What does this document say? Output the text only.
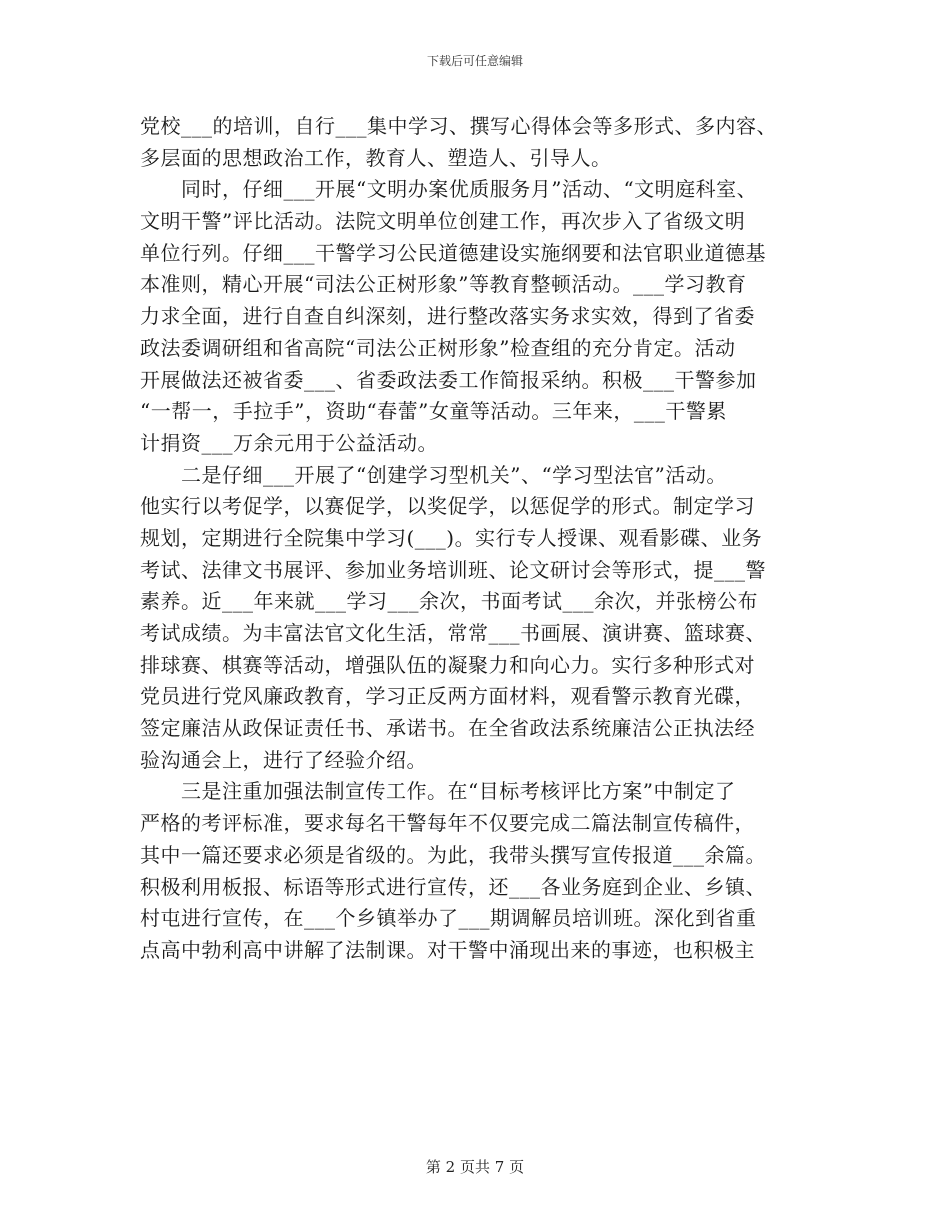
下载后可任意编辑
党校___的培训，自行___集中学习、撰写心得体会等多形式、多内容、
多层面的思想政治工作，教育人、塑造人、引导人。
　　同时，仔细___开展“文明办案优质服务月”活动、“文明庭科室、
文明干警”评比活动。法院文明单位创建工作，再次步入了省级文明
单位行列。仔细___干警学习公民道德建设实施纲要和法官职业道德基
本准则，精心开展“司法公正树形象”等教育整顿活动。___学习教育
力求全面，进行自查自纠深刻，进行整改落实务求实效，得到了省委
政法委调研组和省高院“司法公正树形象”检查组的充分肯定。活动
开展做法还被省委___、省委政法委工作简报采纳。积极___干警参加
“一帮一，手拉手”，资助“春蕾”女童等活动。三年来，___干警累
计捐资___万余元用于公益活动。
　　二是仔细___开展了“创建学习型机关”、“学习型法官”活动。
他实行以考促学，以赛促学，以奖促学，以惩促学的形式。制定学习
规划，定期进行全院集中学习(___)。实行专人授课、观看影碟、业务
考试、法律文书展评、参加业务培训班、论文研讨会等形式，提___警
素养。近___年来就___学习___余次，书面考试___余次，并张榜公布
考试成绩。为丰富法官文化生活，常常___书画展、演讲赛、篮球赛、
排球赛、棋赛等活动，增强队伍的凝聚力和向心力。实行多种形式对
党员进行党风廉政教育，学习正反两方面材料，观看警示教育光碟，
签定廉洁从政保证责任书、承诺书。在全省政法系统廉洁公正执法经
验沟通会上，进行了经验介绍。
　　三是注重加强法制宣传工作。在“目标考核评比方案”中制定了
严格的考评标准，要求每名干警每年不仅要完成二篇法制宣传稿件，
其中一篇还要求必须是省级的。为此，我带头撰写宣传报道___余篇。
积极利用板报、标语等形式进行宣传，还___各业务庭到企业、乡镇、
村屯进行宣传，在___个乡镇举办了___期调解员培训班。深化到省重
点高中勃利高中讲解了法制课。对干警中涌现出来的事迹，也积极主
第 2 页共 7 页
